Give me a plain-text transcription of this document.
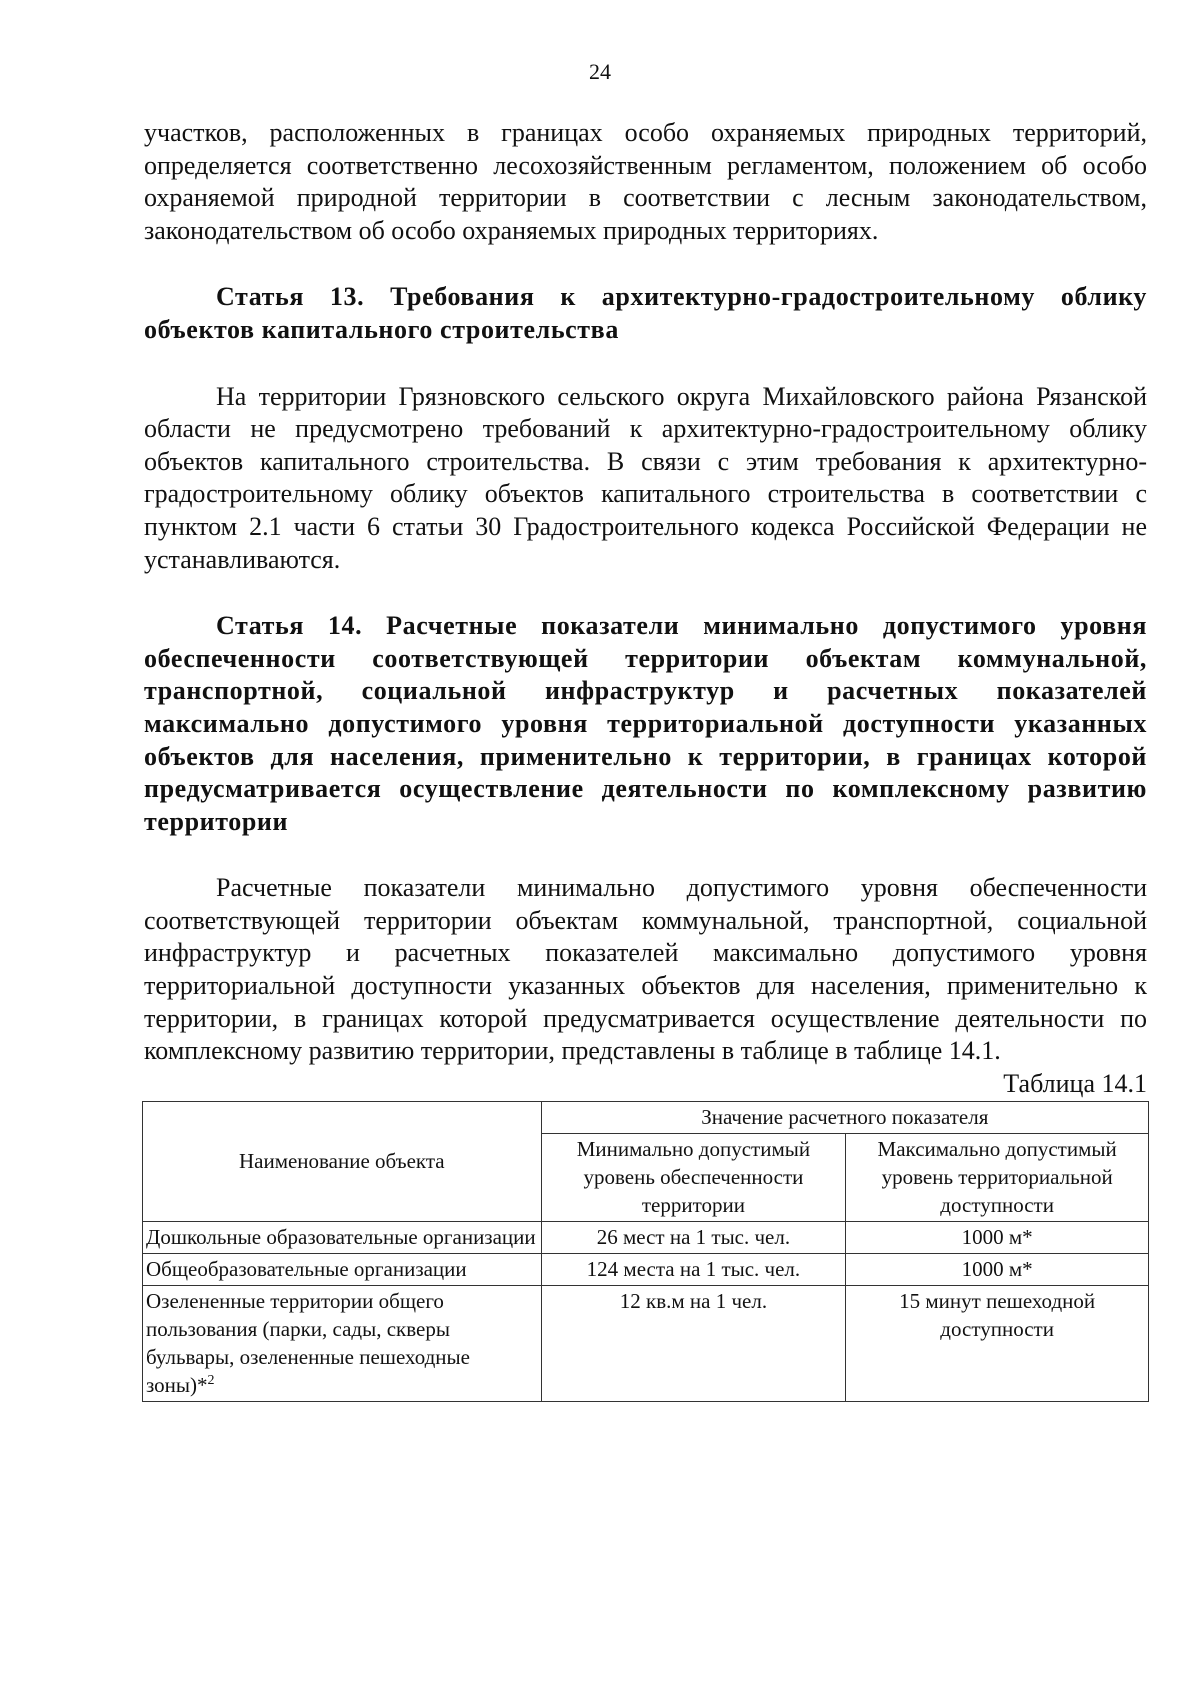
24

участков, расположенных в границах особо охраняемых природных территорий, определяется соответственно лесохозяйственным регламентом, положением об особо охраняемой природной территории в соответствии с лесным законодательством, законодательством об особо охраняемых природных территориях.

Статья 13. Требования к архитектурно-градостроительному облику объектов капитального строительства

На территории Грязновского сельского округа Михайловского района Рязанской области не предусмотрено требований к архитектурно-градостроительному облику объектов капитального строительства. В связи с этим требования к архитектурно-градостроительному облику объектов капитального строительства в соответствии с пунктом 2.1 части 6 статьи 30 Градостроительного кодекса Российской Федерации не устанавливаются.

Статья 14. Расчетные показатели минимально допустимого уровня обеспеченности соответствующей территории объектам коммунальной, транспортной, социальной инфраструктур и расчетных показателей максимально допустимого уровня территориальной доступности указанных объектов для населения, применительно к территории, в границах которой предусматривается осуществление деятельности по комплексному развитию территории

Расчетные показатели минимально допустимого уровня обеспеченности соответствующей территории объектам коммунальной, транспортной, социальной инфраструктур и расчетных показателей максимально допустимого уровня территориальной доступности указанных объектов для населения, применительно к территории, в границах которой предусматривается осуществление деятельности по комплексному развитию территории, представлены в таблице в таблице 14.1.

Таблица 14.1

Наименование объекта	Значение расчетного показателя	
	Минимально допустимый уровень обеспеченности территории	Максимально допустимый уровень территориальной доступности
Дошкольные образовательные организации	26 мест на 1 тыс. чел.	1000 м*
Общеобразовательные организации	124 места на 1 тыс. чел.	1000 м*
Озелененные территории общего пользования (парки, сады, скверы бульвары, озелененные пешеходные зоны)*$^2$	12 кв.м на 1 чел.	15 минут пешеходной доступности
